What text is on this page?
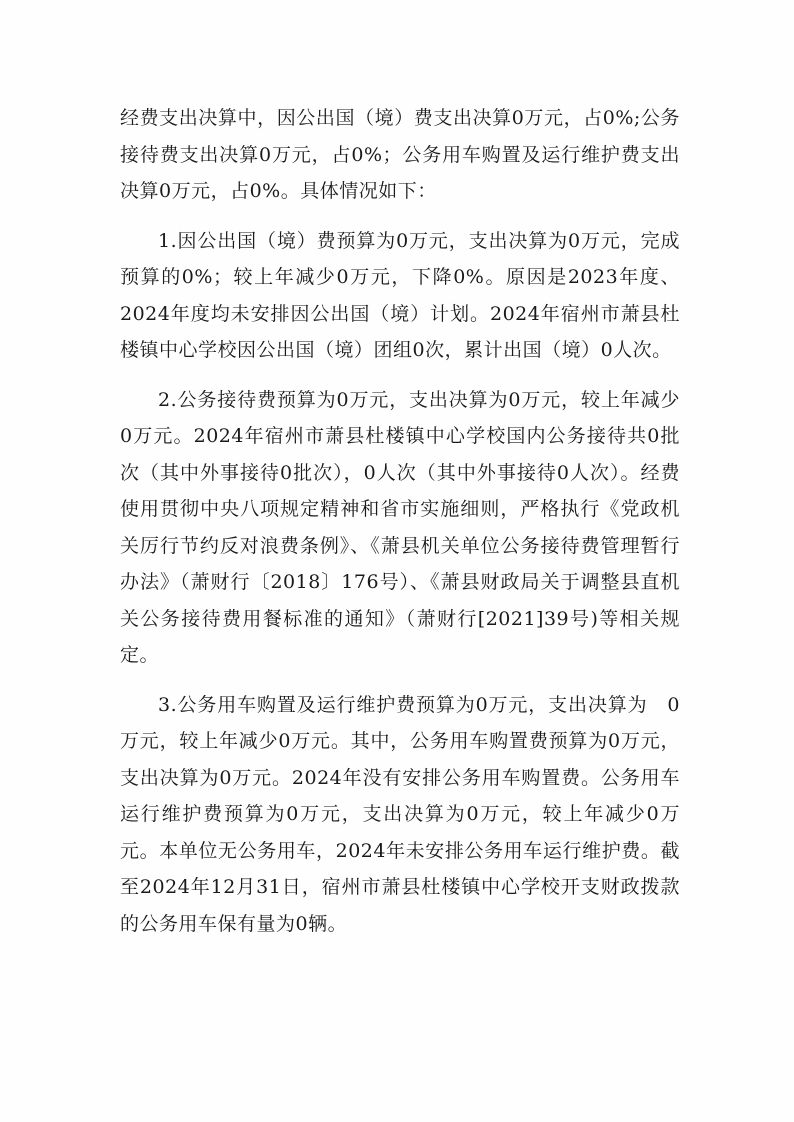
经费支出决算中，因公出国（境）费支出决算0万元，占0%;公务接待费支出决算0万元，占0%；公务用车购置及运行维护费支出决算0万元，占0%。具体情况如下：

1.因公出国（境）费预算为0万元，支出决算为0万元，完成预算的0%；较上年减少0万元，下降0%。原因是2023年度、2024年度均未安排因公出国（境）计划。2024年宿州市萧县杜楼镇中心学校因公出国（境）团组0次，累计出国（境）0人次。

2.公务接待费预算为0万元，支出决算为0万元，较上年减少0万元。2024年宿州市萧县杜楼镇中心学校国内公务接待共0批次（其中外事接待0批次），0人次（其中外事接待0人次）。经费使用贯彻中央八项规定精神和省市实施细则，严格执行《党政机关厉行节约反对浪费条例》、《萧县机关单位公务接待费管理暂行办法》（萧财行〔2018〕176号）、《萧县财政局关于调整县直机关公务接待费用餐标准的通知》（萧财行[2021]39号)等相关规定。

3.公务用车购置及运行维护费预算为0万元，支出决算为　0万元，较上年减少0万元。其中，公务用车购置费预算为0万元，支出决算为0万元。2024年没有安排公务用车购置费。公务用车运行维护费预算为0万元，支出决算为0万元，较上年减少0万元。本单位无公务用车，2024年未安排公务用车运行维护费。截至2024年12月31日，宿州市萧县杜楼镇中心学校开支财政拨款的公务用车保有量为0辆。
